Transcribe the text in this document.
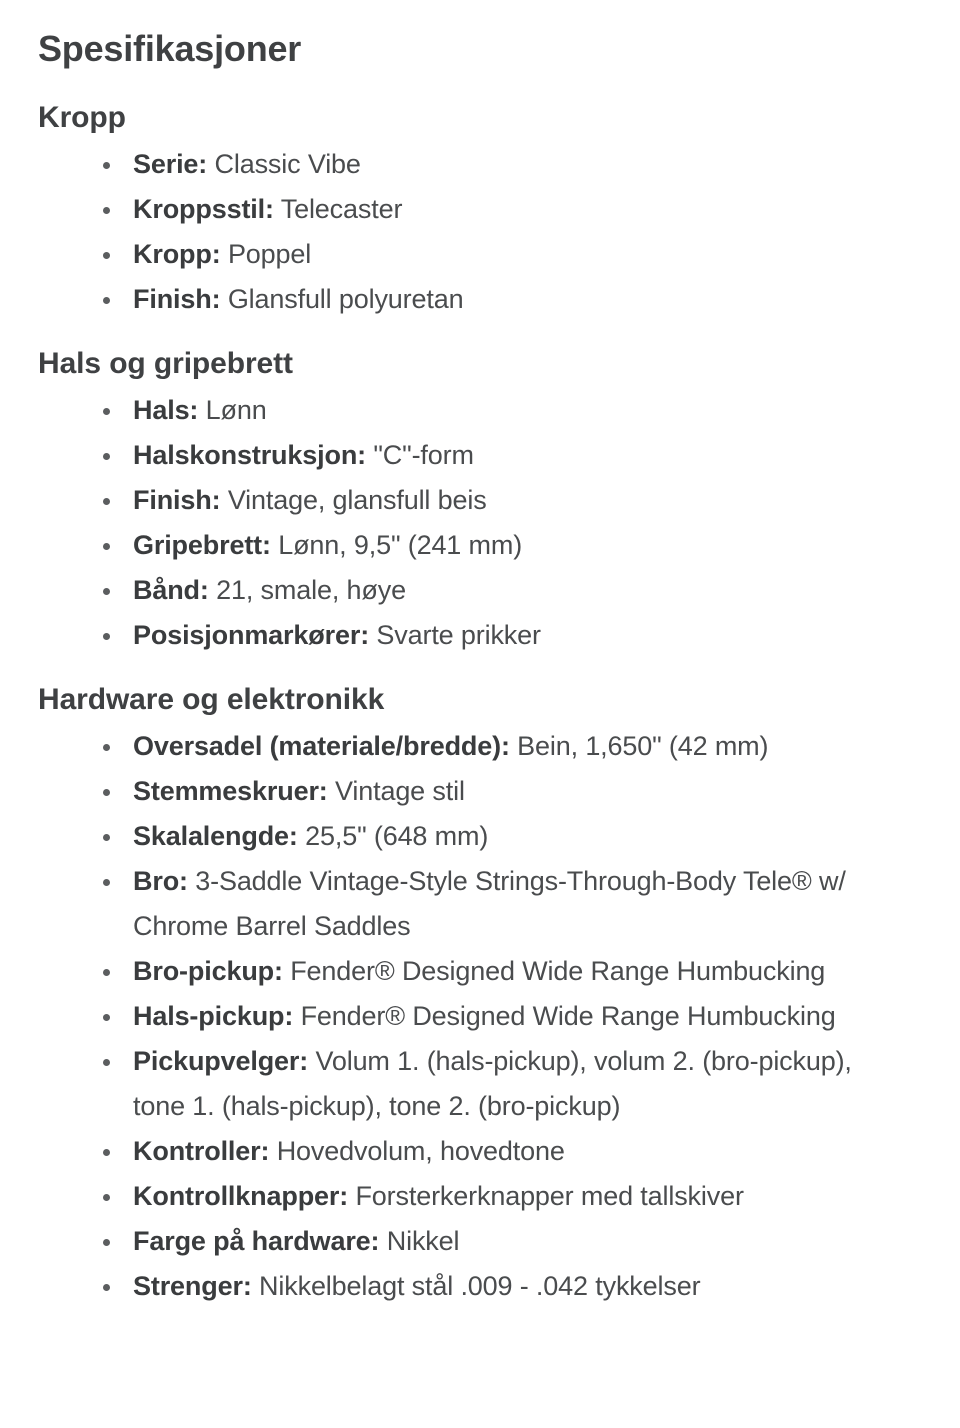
Spesifikasjoner
Kropp
Serie: Classic Vibe
Kroppsstil: Telecaster
Kropp: Poppel
Finish: Glansfull polyuretan
Hals og gripebrett
Hals: Lønn
Halskonstruksjon: "C"-form
Finish: Vintage, glansfull beis
Gripebrett: Lønn, 9,5" (241 mm)
Bånd: 21, smale, høye
Posisjonmarkører: Svarte prikker
Hardware og elektronikk
Oversadel (materiale/bredde): Bein, 1,650" (42 mm)
Stemmeskruer: Vintage stil
Skalalengde: 25,5" (648 mm)
Bro: 3-Saddle Vintage-Style Strings-Through-Body Tele® w/ Chrome Barrel Saddles
Bro-pickup: Fender® Designed Wide Range Humbucking
Hals-pickup: Fender® Designed Wide Range Humbucking
Pickupvelger: Volum 1. (hals-pickup), volum 2. (bro-pickup), tone 1. (hals-pickup), tone 2. (bro-pickup)
Kontroller: Hovedvolum, hovedtone
Kontrollknapper: Forsterkerknapper med tallskiver
Farge på hardware: Nikkel
Strenger: Nikkelbelagt stål .009 - .042 tykkelser
